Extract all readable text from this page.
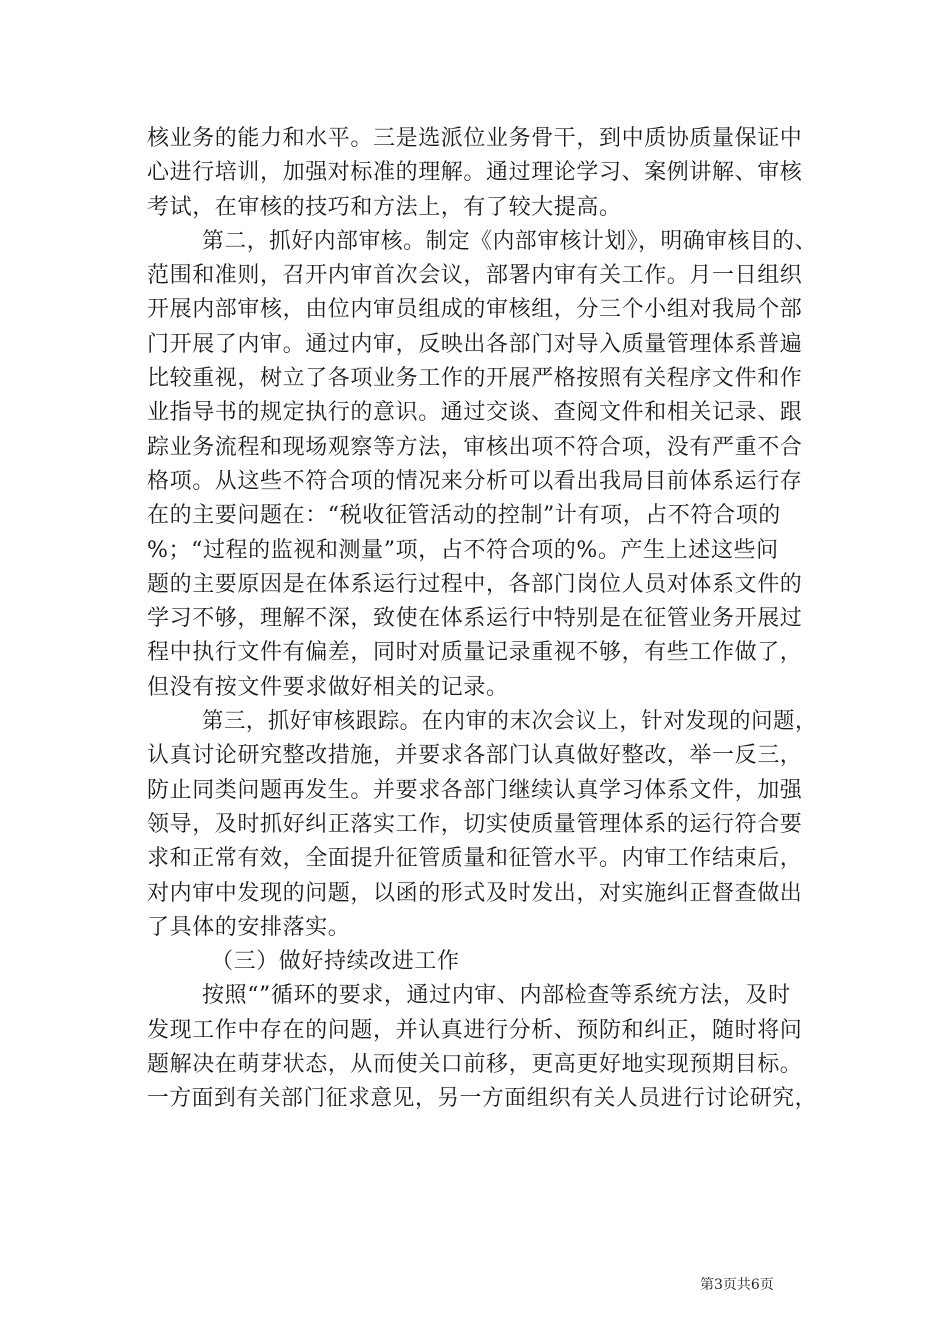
核业务的能力和水平。三是选派位业务骨干，到中质协质量保证中
心进行培训，加强对标准的理解。通过理论学习、案例讲解、审核
考试，在审核的技巧和方法上，有了较大提高。
第二，抓好内部审核。制定《内部审核计划》，明确审核目的、
范围和准则，召开内审首次会议，部署内审有关工作。月一日组织
开展内部审核，由位内审员组成的审核组，分三个小组对我局个部
门开展了内审。通过内审，反映出各部门对导入质量管理体系普遍
比较重视，树立了各项业务工作的开展严格按照有关程序文件和作
业指导书的规定执行的意识。通过交谈、查阅文件和相关记录、跟
踪业务流程和现场观察等方法，审核出项不符合项，没有严重不合
格项。从这些不符合项的情况来分析可以看出我局目前体系运行存
在的主要问题在：“税收征管活动的控制”计有项，占不符合项的
%；“过程的监视和测量”项，占不符合项的%。产生上述这些问
题的主要原因是在体系运行过程中，各部门岗位人员对体系文件的
学习不够，理解不深，致使在体系运行中特别是在征管业务开展过
程中执行文件有偏差，同时对质量记录重视不够，有些工作做了，
但没有按文件要求做好相关的记录。
第三，抓好审核跟踪。在内审的末次会议上，针对发现的问题，
认真讨论研究整改措施，并要求各部门认真做好整改，举一反三，
防止同类问题再发生。并要求各部门继续认真学习体系文件，加强
领导，及时抓好纠正落实工作，切实使质量管理体系的运行符合要
求和正常有效，全面提升征管质量和征管水平。内审工作结束后，
对内审中发现的问题，以函的形式及时发出，对实施纠正督查做出
了具体的安排落实。
（三）做好持续改进工作
按照“”循环的要求，通过内审、内部检查等系统方法，及时
发现工作中存在的问题，并认真进行分析、预防和纠正，随时将问
题解决在萌芽状态，从而使关口前移，更高更好地实现预期目标。
一方面到有关部门征求意见，另一方面组织有关人员进行讨论研究，
第3页共6页
